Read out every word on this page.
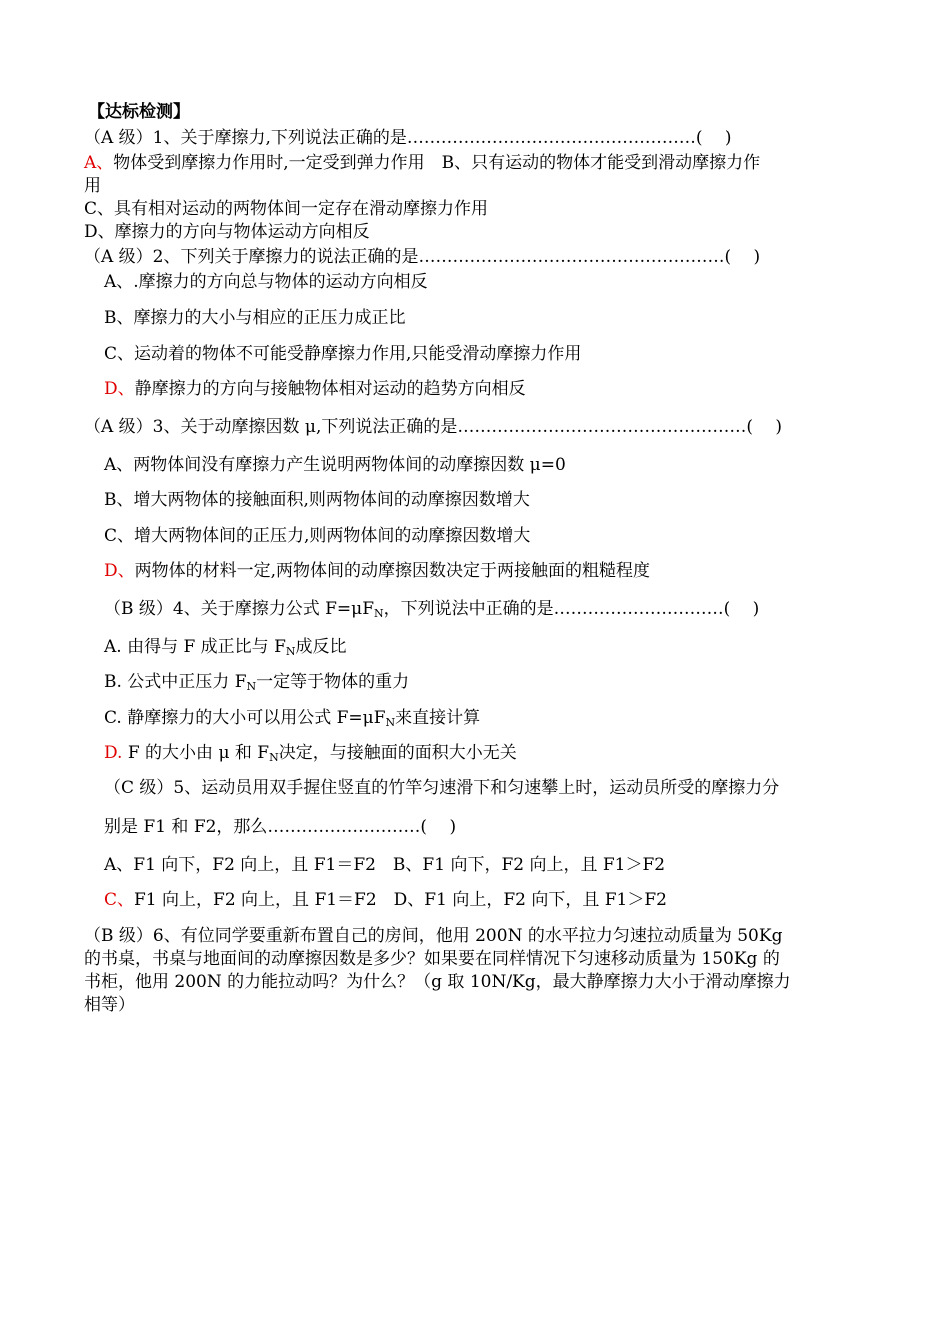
【达标检测】
（A 级）1、关于摩擦力,下列说法正确的是……………………………………………(　 )
A、物体受到摩擦力作用时,一定受到弹力作用　B、只有运动的物体才能受到滑动摩擦力作
用
C、具有相对运动的两物体间一定存在滑动摩擦力作用
D、摩擦力的方向与物体运动方向相反
（A 级）2、下列关于摩擦力的说法正确的是………………………………………………(　 )
A、.摩擦力的方向总与物体的运动方向相反
B、摩擦力的大小与相应的正压力成正比
C、运动着的物体不可能受静摩擦力作用,只能受滑动摩擦力作用
D、静摩擦力的方向与接触物体相对运动的趋势方向相反
（A 级）3、关于动摩擦因数 μ,下列说法正确的是……………………………………………(　 )
A、两物体间没有摩擦力产生说明两物体间的动摩擦因数 μ=0
B、增大两物体的接触面积,则两物体间的动摩擦因数增大
C、增大两物体间的正压力,则两物体间的动摩擦因数增大
D、两物体的材料一定,两物体间的动摩擦因数决定于两接触面的粗糙程度
（B 级）4、关于摩擦力公式 $F=\mu F_N$，下列说法中正确的是…………………………(　 )
A. 由得与 F 成正比与 $F_N$成反比
B. 公式中正压力 $F_N$一定等于物体的重力
C. 静摩擦力的大小可以用公式 $F=\mu F_N$来直接计算
D. F 的大小由 μ 和 $F_N$决定，与接触面的面积大小无关
（C 级）5、运动员用双手握住竖直的竹竿匀速滑下和匀速攀上时，运动员所受的摩擦力分
别是 F1 和 F2，那么………………………(　 )
A、F1 向下，F2 向上，且 F1＝F2　B、F1 向下，F2 向上，且 F1＞F2
C、F1 向上，F2 向上，且 F1＝F2　D、F1 向上，F2 向下，且 F1＞F2
（B 级）6、有位同学要重新布置自己的房间，他用 200N 的水平拉力匀速拉动质量为 50Kg
的书桌，书桌与地面间的动摩擦因数是多少？如果要在同样情况下匀速移动质量为 150Kg 的
书柜，他用 200N 的力能拉动吗？为什么？（g 取 10N/Kg，最大静摩擦力大小于滑动摩擦力
相等）
